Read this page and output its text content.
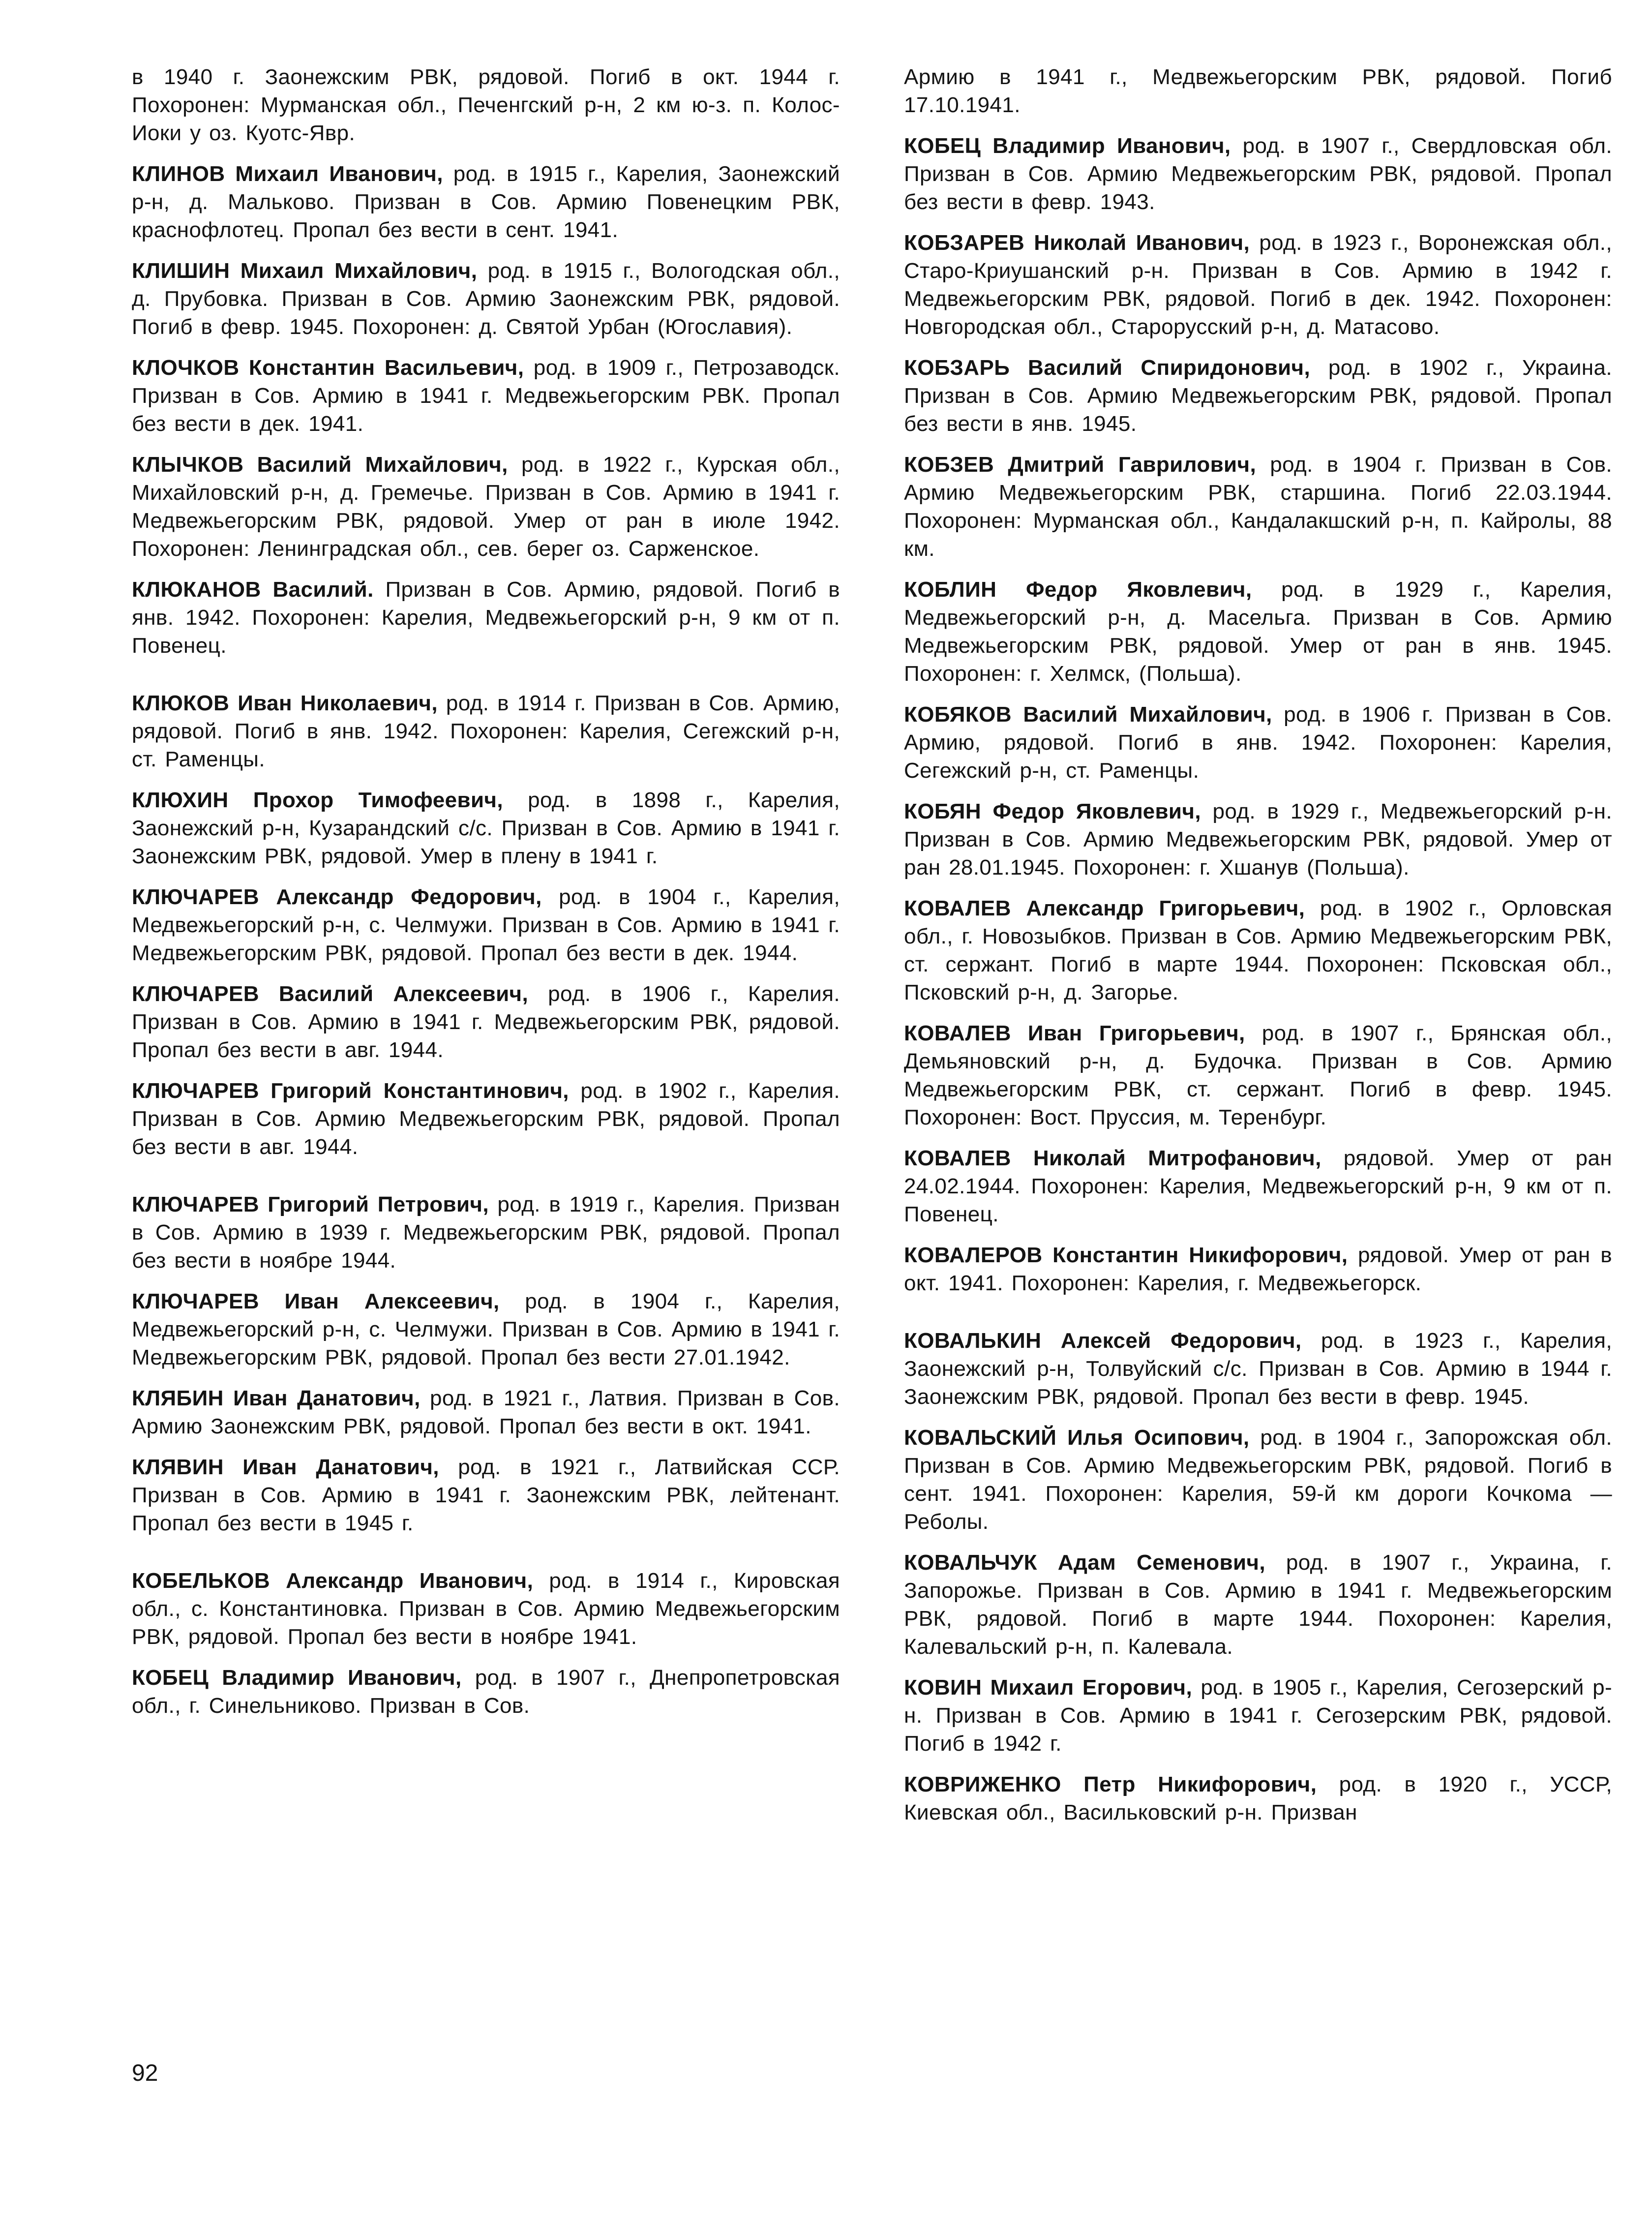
в 1940 г. Заонежским РВК, рядовой. Погиб в окт. 1944 г. Похоронен: Мурманская обл., Печенгский р-н, 2 км ю-з. п. Колос-Иоки у оз. Куотс-Явр.

КЛИНОВ Михаил Иванович, род. в 1915 г., Карелия, Заонежский р-н, д. Мальково. Призван в Сов. Армию Повенецким РВК, краснофлотец. Пропал без вести в сент. 1941.

КЛИШИН Михаил Михайлович, род. в 1915 г., Вологодская обл., д. Прубовка. Призван в Сов. Армию Заонежским РВК, рядовой. Погиб в февр. 1945. Похоронен: д. Святой Урбан (Югославия).

КЛОЧКОВ Константин Васильевич, род. в 1909 г., Петрозаводск. Призван в Сов. Армию в 1941 г. Медвежьегорским РВК. Пропал без вести в дек. 1941.

КЛЫЧКОВ Василий Михайлович, род. в 1922 г., Курская обл., Михайловский р-н, д. Гремечье. Призван в Сов. Армию в 1941 г. Медвежьегорским РВК, рядовой. Умер от ран в июле 1942. Похоронен: Ленинградская обл., сев. берег оз. Сарженское.

КЛЮКАНОВ Василий. Призван в Сов. Армию, рядовой. Погиб в янв. 1942. Похоронен: Карелия, Медвежьегорский р-н, 9 км от п. Повенец.

КЛЮКОВ Иван Николаевич, род. в 1914 г. Призван в Сов. Армию, рядовой. Погиб в янв. 1942. Похоронен: Карелия, Сегежский р-н, ст. Раменцы.

КЛЮХИН Прохор Тимофеевич, род. в 1898 г., Карелия, Заонежский р-н, Кузарандский с/с. Призван в Сов. Армию в 1941 г. Заонежским РВК, рядовой. Умер в плену в 1941 г.

КЛЮЧАРЕВ Александр Федорович, род. в 1904 г., Карелия, Медвежьегорский р-н, с. Челмужи. Призван в Сов. Армию в 1941 г. Медвежьегорским РВК, рядовой. Пропал без вести в дек. 1944.

КЛЮЧАРЕВ Василий Алексеевич, род. в 1906 г., Карелия. Призван в Сов. Армию в 1941 г. Медвежьегорским РВК, рядовой. Пропал без вести в авг. 1944.

КЛЮЧАРЕВ Григорий Константинович, род. в 1902 г., Карелия. Призван в Сов. Армию Медвежьегорским РВК, рядовой. Пропал без вести в авг. 1944.

КЛЮЧАРЕВ Григорий Петрович, род. в 1919 г., Карелия. Призван в Сов. Армию в 1939 г. Медвежьегорским РВК, рядовой. Пропал без вести в ноябре 1944.

КЛЮЧАРЕВ Иван Алексеевич, род. в 1904 г., Карелия, Медвежьегорский р-н, с. Челмужи. Призван в Сов. Армию в 1941 г. Медвежьегорским РВК, рядовой. Пропал без вести 27.01.1942.

КЛЯБИН Иван Данатович, род. в 1921 г., Латвия. Призван в Сов. Армию Заонежским РВК, рядовой. Пропал без вести в окт. 1941.

КЛЯВИН Иван Данатович, род. в 1921 г., Латвийская ССР. Призван в Сов. Армию в 1941 г. Заонежским РВК, лейтенант. Пропал без вести в 1945 г.

КОБЕЛЬКОВ Александр Иванович, род. в 1914 г., Кировская обл., с. Константиновка. Призван в Сов. Армию Медвежьегорским РВК, рядовой. Пропал без вести в ноябре 1941.

КОБЕЦ Владимир Иванович, род. в 1907 г., Днепропетровская обл., г. Синельниково. Призван в Сов.

Армию в 1941 г., Медвежьегорским РВК, рядовой. Погиб 17.10.1941.

КОБЕЦ Владимир Иванович, род. в 1907 г., Свердловская обл. Призван в Сов. Армию Медвежьегорским РВК, рядовой. Пропал без вести в февр. 1943.

КОБЗАРЕВ Николай Иванович, род. в 1923 г., Воронежская обл., Старо-Криушанский р-н. Призван в Сов. Армию в 1942 г. Медвежьегорским РВК, рядовой. Погиб в дек. 1942. Похоронен: Новгородская обл., Старорусский р-н, д. Матасово.

КОБЗАРЬ Василий Спиридонович, род. в 1902 г., Украина. Призван в Сов. Армию Медвежьегорским РВК, рядовой. Пропал без вести в янв. 1945.

КОБЗЕВ Дмитрий Гаврилович, род. в 1904 г. Призван в Сов. Армию Медвежьегорским РВК, старшина. Погиб 22.03.1944. Похоронен: Мурманская обл., Кандалакшский р-н, п. Кайролы, 88 км.

КОБЛИН Федор Яковлевич, род. в 1929 г., Карелия, Медвежьегорский р-н, д. Масельга. Призван в Сов. Армию Медвежьегорским РВК, рядовой. Умер от ран в янв. 1945. Похоронен: г. Хелмск, (Польша).

КОБЯКОВ Василий Михайлович, род. в 1906 г. Призван в Сов. Армию, рядовой. Погиб в янв. 1942. Похоронен: Карелия, Сегежский р-н, ст. Раменцы.

КОБЯН Федор Яковлевич, род. в 1929 г., Медвежьегорский р-н. Призван в Сов. Армию Медвежьегорским РВК, рядовой. Умер от ран 28.01.1945. Похоронен: г. Хшанув (Польша).

КОВАЛЕВ Александр Григорьевич, род. в 1902 г., Орловская обл., г. Новозыбков. Призван в Сов. Армию Медвежьегорским РВК, ст. сержант. Погиб в марте 1944. Похоронен: Псковская обл., Псковский р-н, д. Загорье.

КОВАЛЕВ Иван Григорьевич, род. в 1907 г., Брянская обл., Демьяновский р-н, д. Будочка. Призван в Сов. Армию Медвежьегорским РВК, ст. сержант. Погиб в февр. 1945. Похоронен: Вост. Пруссия, м. Теренбург.

КОВАЛЕВ Николай Митрофанович, рядовой. Умер от ран 24.02.1944. Похоронен: Карелия, Медвежьегорский р-н, 9 км от п. Повенец.

КОВАЛЕРОВ Константин Никифорович, рядовой. Умер от ран в окт. 1941. Похоронен: Карелия, г. Медвежьегорск.

КОВАЛЬКИН Алексей Федорович, род. в 1923 г., Карелия, Заонежский р-н, Толвуйский с/с. Призван в Сов. Армию в 1944 г. Заонежским РВК, рядовой. Пропал без вести в февр. 1945.

КОВАЛЬСКИЙ Илья Осипович, род. в 1904 г., Запорожская обл. Призван в Сов. Армию Медвежьегорским РВК, рядовой. Погиб в сент. 1941. Похоронен: Карелия, 59-й км дороги Кочкома — Реболы.

КОВАЛЬЧУК Адам Семенович, род. в 1907 г., Украина, г. Запорожье. Призван в Сов. Армию в 1941 г. Медвежьегорским РВК, рядовой. Погиб в марте 1944. Похоронен: Карелия, Калевальский р-н, п. Калевала.

КОВИН Михаил Егорович, род. в 1905 г., Карелия, Сегозерский р-н. Призван в Сов. Армию в 1941 г. Сегозерским РВК, рядовой. Погиб в 1942 г.

КОВРИЖЕНКО Петр Никифорович, род. в 1920 г., УССР, Киевская обл., Васильковский р-н. Призван

92
